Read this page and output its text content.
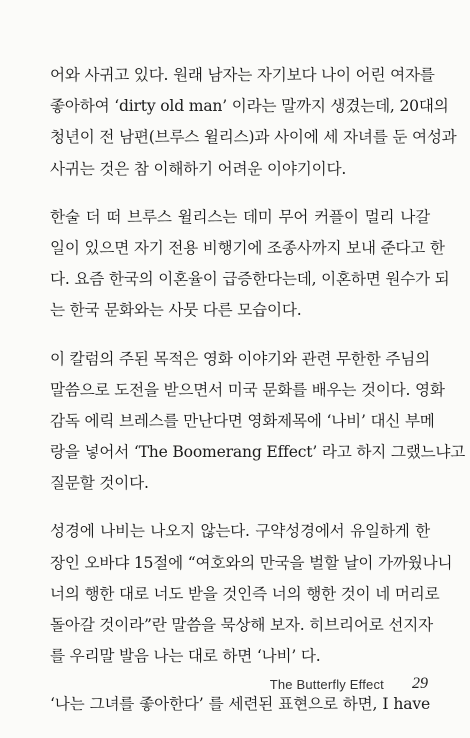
어와 사귀고 있다. 원래 남자는 자기보다 나이 어린 여자를
좋아하여 ‘dirty old man’ 이라는 말까지 생겼는데, 20대의
청년이 전 남편(브루스 윌리스)과 사이에 세 자녀를 둔 여성과
사귀는 것은 참 이해하기 어려운 이야기이다.

한술 더 떠 브루스 윌리스는 데미 무어 커플이 멀리 나갈
일이 있으면 자기 전용 비행기에 조종사까지 보내 준다고 한
다. 요즘 한국의 이혼율이 급증한다는데, 이혼하면 원수가 되
는 한국 문화와는 사뭇 다른 모습이다.

이 칼럼의 주된 목적은 영화 이야기와 관련 무한한 주님의
말씀으로 도전을 받으면서 미국 문화를 배우는 것이다. 영화
감독 에릭 브레스를 만난다면 영화제목에 ‘나비’ 대신 부메
랑을 넣어서 ‘The Boomerang Effect’ 라고 하지 그랬느냐고
질문할 것이다.

성경에 나비는 나오지 않는다. 구약성경에서 유일하게 한
장인 오바댜 15절에 “여호와의 만국을 벌할 날이 가까웠나니
너의 행한 대로 너도 받을 것인즉 너의 행한 것이 네 머리로
돌아갈 것이라”란 말씀을 묵상해 보자. 히브리어로 선지자
를 우리말 발음 나는 대로 하면 ‘나비’ 다.

‘나는 그녀를 좋아한다’ 를 세련된 표현으로 하면, I have

The Butterfly Effect 29
